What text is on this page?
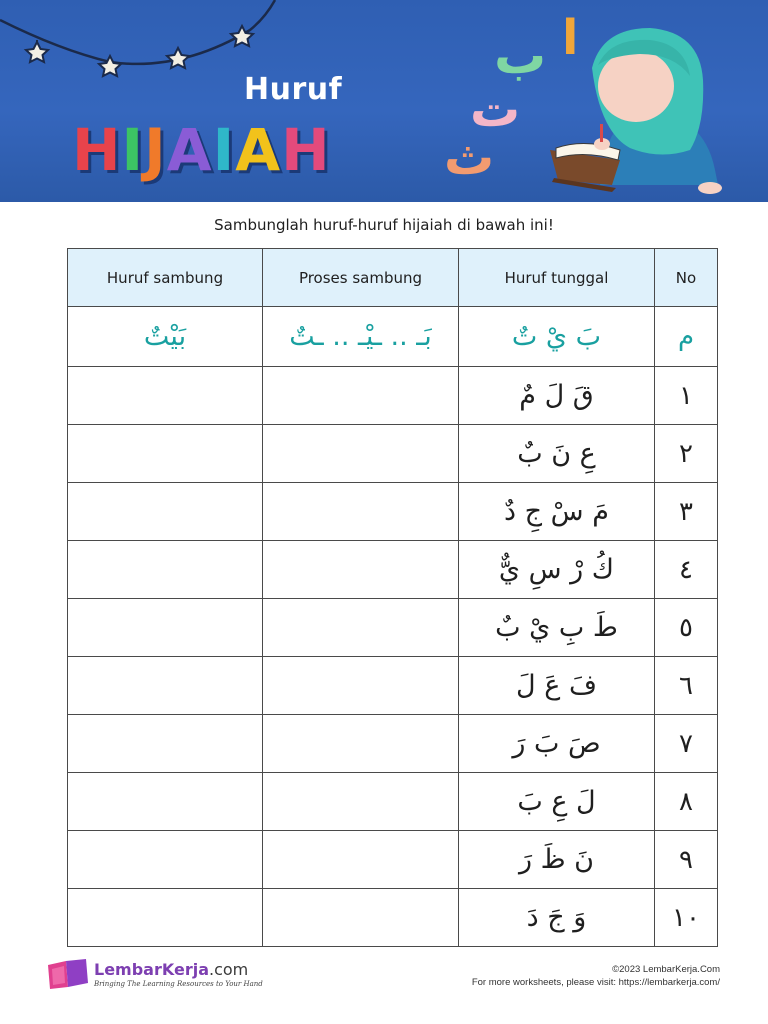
Huruf
HIJAIAH
ا
ب
ت
ث
Sambunglah huruf-huruf hijaiah di bawah ini!
Huruf sambung	Proses sambung	Huruf tunggal	No
بَيْتٌ	بَـ .. ـيْـ .. ـتٌ	بَ يْ تٌ	م
		قَ لَ مٌ	١
		عِ نَ بٌ	٢
		مَ سْ جِ دٌ	٣
		كُ رْ سِ يٌّ	٤
		طَ بِ يْ بٌ	٥
		فَ عَ لَ	٦
		صَ بَ رَ	٧
		لَ عِ بَ	٨
		نَ ظَ رَ	٩
		وَ جَ دَ	١٠
LembarKerja.com
Bringing The Learning Resources to Your Hand
©2023 LembarKerja.Com
For more worksheets, please visit: https://lembarkerja.com/
